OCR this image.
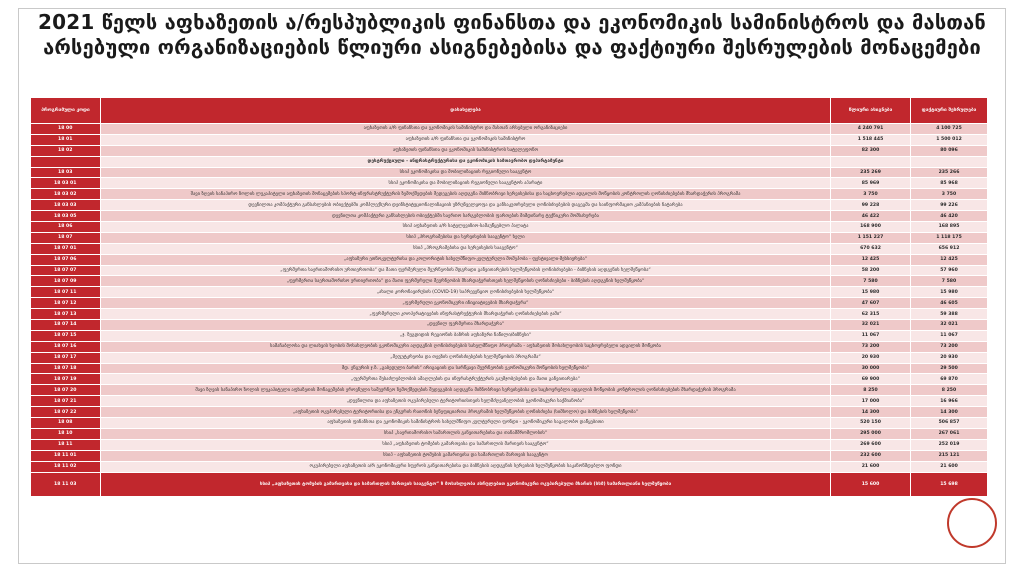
2021 წელს აფხაზეთის ა/რესპუბლიკის ფინანსთა და ეკონომიკის სამინისტროს და მასთან არსებული ორგანიზაციების წლიური ასიგნებებისა და ფაქტიური შესრულების მონაცემები
პროგრამული კოდი	დასახელება	წლიური ასიგნება	ფაქტიური შესრულება
18 00	აფხაზეთის ა/რ ფინანსთა და ეკონომიკის სამინისტრო და მასთან არსებული ორგანიზაციები	4 240 791	4 100 725
18 01	აფხაზეთის ა/რ ფინანსთა და ეკონომიკის სამინისტრო	1 518 445	1 500 012
18 02	აფხაზეთის ფინანსთა და ეკონომიკის სამინისტროს სატელეფონო	82 300	80 096
	დესტრუქციული - ინფრასტრუქტურისა და ეკონომიკის სამთავრობო დეპარტამენტი		
18 03	სსიპ ეკონომიკისა და მობილიზაციის რეგიონული სააგენტო	235 269	235 266
18 03 01	სსიპ ეკონომიკისა და მობილიზაციის რეგიონული სააგენტოს აპარატი	85 969	85 968
18 03 02	შავი ზღვის სანაპირო ზოლის ლუკაპიტელი აფხაზეთის მონაცემების სპორტ-ინფრასტრუქტურის ზემოქმედების შედეგების აღდგენა მიზნობრივი სერვისებისა და საცხოვრებლი ადგილის მოწყობის კონტროლის ღონისძიებების მხარდაჭერის პროგრამა	3 750	3 750
18 03 03	დევნილთა კომპაქტური განსახლების ობიექტებში კომპლექსური დეინსტიტუციონალიზაციის უზრუნველყოფა და განსაკუთრებული ღონისძიებების დაგეგმა და საინფორმაციო კამპანიების ჩატარება	99 228	99 226
18 03 05	დევნილთა კომპაქტური განსახლების ობიექტებში საერთო სარგებლობის ფართების მიმდინარე ტექნიკური მომსახურება	46 422	46 420
18 06	სსიპ აფხაზეთის ა/რ სატელევიზიო-სამაუწყებლო პალატა	168 900	168 895
18 07	სსიპ „პროგრამებისა და სერვისების სააგენტო“ ხელი	1 151 227	1 118 175
18 07 01	სსიპ „პროგრამებისა და სერვისების სააგენტო“	670 632	656 912
18 07 06	„აფხაზური ეთნოკულტურისა და კოლორიტის სახელმწიფო-კულტურული მომეპობა - ფესტივალი-მეხსიერება“	12 425	12 425
18 07 07	„ფერმერთა საერთაშორისო ურთიერთობა“ და მათი ფერმერული მეურნეობის მდგრადი განვითარების ხელშეწყობის ღონისძიებები - ბიზნესის აღდგენის ხელშეწყობა“	58 200	57 960
18 07 09	„ფერმერთა საერთაშორისო ურთიერთობა“ და მათი ფერმერული მეურნეობის მხარდაჭერისთვის ხელშეწყობის ღონისძიებები - ბიზნესის აღდგენის ხელშეწყობა“	7 580	7 580
18 07 11	„ახალი კორონავირუსის (COVID-19) საპრევენციო ღონისძიებების ხელშეწყობა“	15 980	15 980
18 07 12	„ფერმერული ეკონომიკური ინიციატივების მხარდაჭერა“	47 607	46 605
18 07 13	„ფერმერული კოოპერატივების ინფრასტრუქტურის მხარდაჭერის ღონისძიებების ჯამი“	62 315	59 388
18 07 14	„დევნილ ფერმერთა მხარდაჭერა“	32 021	32 021
18 07 15	„ჯ. ზუგდიდის რეგიონის ბაზრის აფხაზური ნაწილი/ბიზნესი“	11 067	11 067
18 07 16	სამაჩაბლოსა და ლიახვის ხეობის მოსახლეობის ეკონომიკური აღდგენის ღონისძიებების სახელმწიფო პროგრამა - აფხაზეთის მოსახლეობის საცხოვრებელი ადგილის მოწყობა	73 200	73 200
18 07 17	„მეფუტკრეობა და თევზის ღონისძიებების ხელშეწყობის პროგრამა“	20 930	20 930
18 07 18	მდ. ენგურის ჯ.ზ. „გაბედული ბარის“ ირიგაციის და სარწყავი მეურნეობის ეკონომიკური მოწყობის ხელშეწყობა“	30 000	29 500
18 07 19	„ფერმერთა შესაძლებლობის ამაღლების და ინფრასტრუქტურის გაუმჯობესების და მათი განვითარება“	69 900	69 870
18 07 20	შავი ზღვის სანაპირო ზოლის ლუკაპიტელი აფხაზეთის მონაცემების ეროვნული სამეურნეო ზემოქმედების შედეგების აღდგენა მიზნობრივი სერვისებისა და საცხოვრებლი ადგილის მოწყობის კონტროლის ღონისძიებების მხარდაჭერის პროგრამა	8 250	8 250
18 07 21	„დევნილთა და აფხაზეთის ოკუპირებული ტერიტორიისთვის ხელმძღვანელობის ეკონომიკური საქმიანობა“	17 000	16 966
18 07 22	„აფხაზეთის ოკუპირებული ტერიტორიისა და ენგურის რაიონის ბენეფიციართა პროგრამის ხელშეწყობის ღონისძიება (სიმბოლო) და ბიზნესის ხელშეწყობა“	14 300	14 300
18 08	აფხაზეთის ფინანსთა და ეკონომიკის სამინისტროს სახელმწიფო კულტურული ფონდი - ეკონომიკური საგალობო დაწყებითი	520 150	506 857
18 10	სსიპ „საერთაშორისო სამართლის განვითარებისა და თანამშრომლობის“	295 000	267 061
18 11	სსიპ „აფხაზეთის ტომების გამართვისა და სამართლის მართვის სააგენტო“	269 600	252 019
18 11 01	სსიპ - აფხაზეთის ტომების გამართვისა და სამართლის მართვის სააგენტო	232 600	215 121
18 11 02	ოკუპირებული აფხაზეთის ა/რ ეკონომიკური სფეროს განვითარებისა და ბიზნესის აღდგენის სერვისის ხელშეწყობის საკანონმდებლო ფონდი	21 600	21 600
18 11 03	სსიპ „აფხაზეთის ტომების გამართვისა და სამართლის მართვის სააგენტო“ ზ მოსახლეობა ასრულებით ეკონომიკური ოკუპირებული მხარის (სსმ) სამართლიანი ხელშეწყობა	15 600	15 698
